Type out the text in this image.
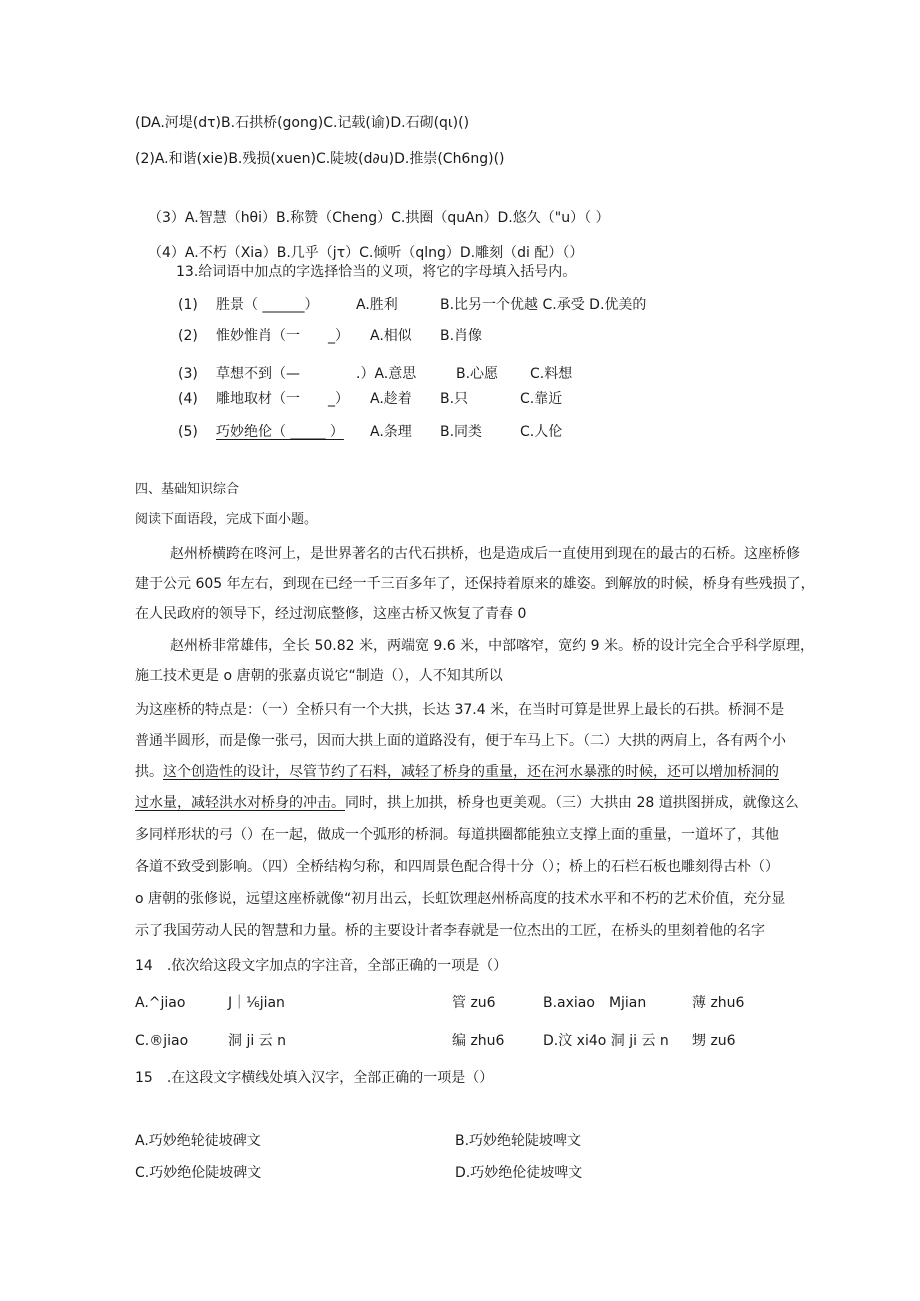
(DA.河堤(dτ)B.石拱桥(gong)C.记载(谕)D.石砌(qι)()
(2)A.和谐(xie)B.残损(xuen)C.陡坡(d∂u)D.推崇(Ch6ng)()
（3）A.智慧（hθi）B.称赞（Cheng）C.拱圈（quAn）D.悠久（"u）（ ）
（4）A.不朽（Xia）B.几乎（jτ）C.倾听（qlng）D.雕刻（di 配）（）
13.给词语中加点的字选择恰当的义项，将它的字母填入括号内。
(1) 胜景（ ______）	A.胜利	B.比另一个优越 C.承受 D.优美的
(2) 惟妙惟肖（一　　_） A.相似 B.肖像
(3) 草想不到（—　　　　.）A.意思	B.心愿 C.料想
(4) 雕地取材（一　　_） A.趁着 B.只	C.靠近
(5) 巧妙绝伦（ _____ ） A.条理 B.同类	C.人伦
四、基础知识综合
阅读下面语段，完成下面小题。
赵州桥横跨在咚河上，是世界著名的古代石拱桥，也是造成后一直使用到现在的最古的石桥。这座桥修
建于公元 605 年左右，到现在已经一千三百多年了，还保持着原来的雄姿。到解放的时候，桥身有些残损了，
在人民政府的领导下，经过沏底整修，这座古桥又恢复了青春 0
赵州桥非常雄伟，全长 50.82 米，两端宽 9.6 米，中部喀窄，宽约 9 米。桥的设计完全合乎科学原理，
施工技术更是 o 唐朝的张嘉贞说它“制造（），人不知其所以
为这座桥的特点是：（一）全桥只有一个大拱，长达 37.4 米，在当时可算是世界上最长的石拱。桥洞不是
普通半圆形，而是像一张弓，因而大拱上面的道路没有，便于车马上下。（二）大拱的两肩上，各有两个小
拱。这个创造性的设计，尽管节约了石料，减轻了桥身的重量，还在河水暴涨的时候，还可以增加桥洞的
过水量，减轻洪水对桥身的冲击。同时，拱上加拱，桥身也更美观。（三）大拱由 28 道拱图拼成，就像这么
多同样形状的弓（）在一起，做成一个弧形的桥洞。每道拱圈都能独立支撑上面的重量，一道坏了，其他
各道不致受到影响。（四）全桥结构匀称，和四周景色配合得十分（）；桥上的石栏石板也雕刻得古朴（）
o 唐朝的张修说，远望这座桥就像“初月出云，长虹饮理赵州桥高度的技术水平和不朽的艺术价值，充分显
示了我国劳动人民的智慧和力量。桥的主要设计者李春就是一位杰出的工匠，在桥头的里刻着他的名字
14　.依次给这段文字加点的字注音，全部正确的一项是（）
A.^jiao	J｜⅙jian	管 zu6	B.axiao　Mjian	薄 zhu6
C.®jiao	洞 ji 云 n	编 zhu6	D.汶 xi4o 洞 ji 云 n 甥 zu6
15　.在这段文字横线处填入汉字，全部正确的一项是（）
A.巧妙绝轮徒坡碑文	B.巧妙绝轮陡坡啤文
C.巧妙绝伦陡坡碑文	D.巧妙绝伦徒坡啤文
